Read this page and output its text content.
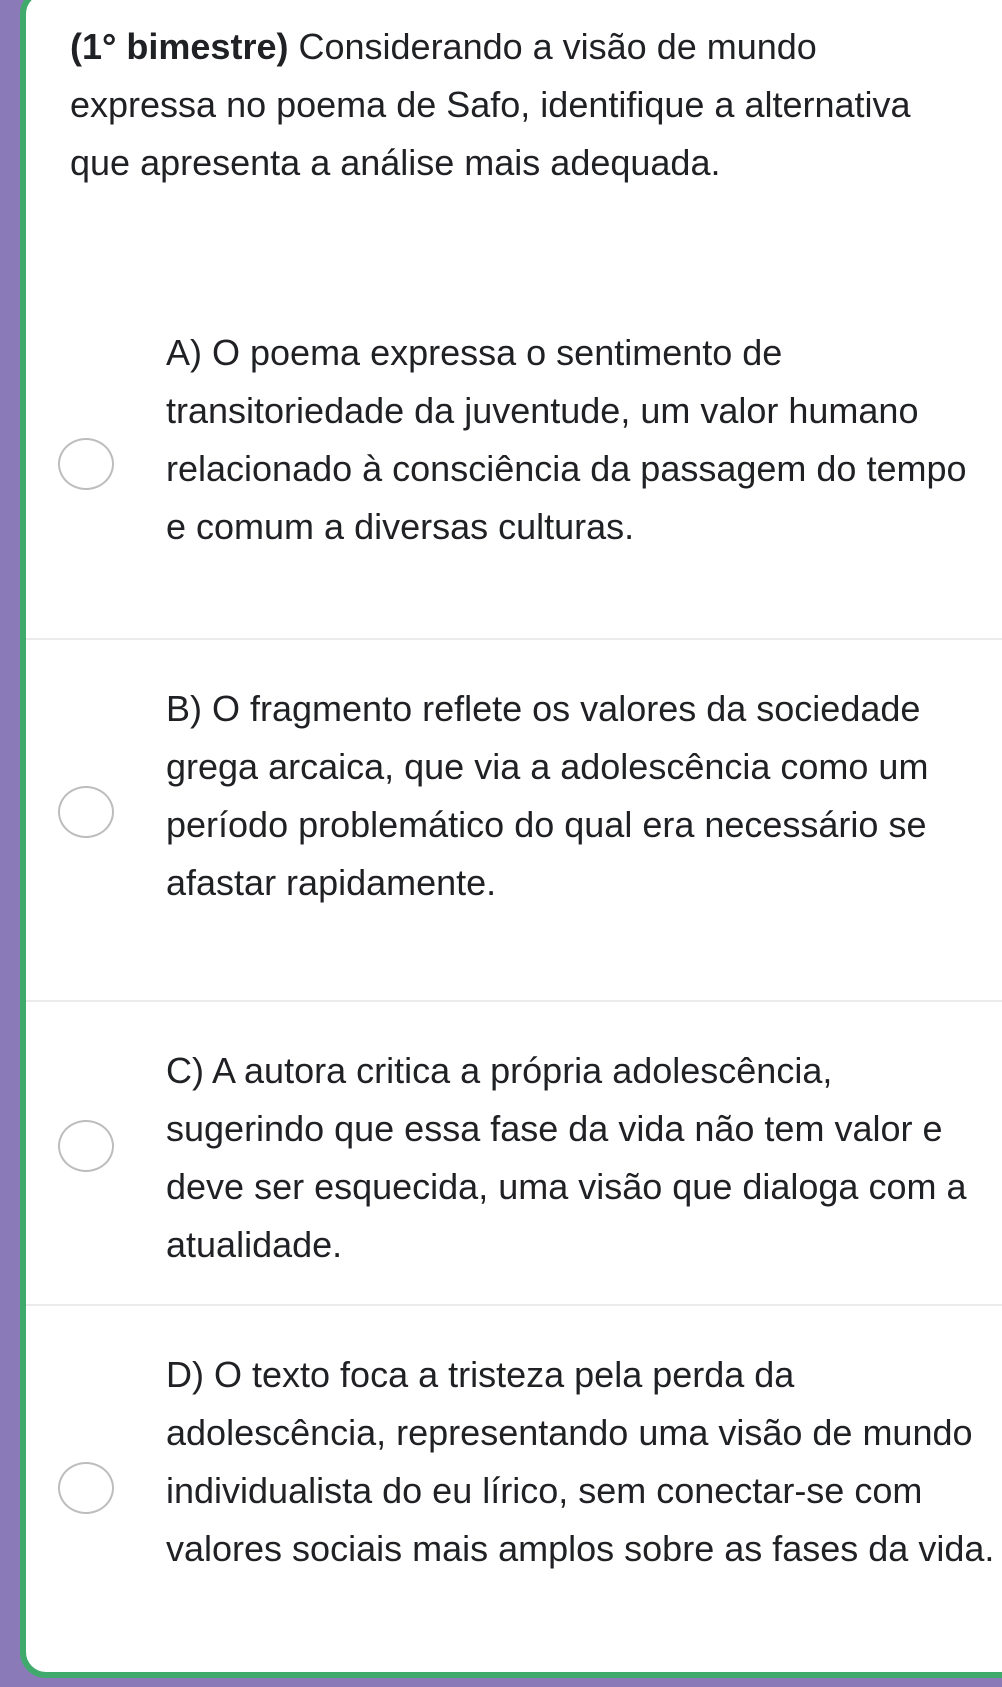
(1° bimestre) Considerando a visão de mundo expressa no poema de Safo, identifique a alternativa que apresenta a análise mais adequada.

A) O poema expressa o sentimento de transitoriedade da juventude, um valor humano relacionado à consciência da passagem do tempo e comum a diversas culturas.

B) O fragmento reflete os valores da sociedade grega arcaica, que via a adolescência como um período problemático do qual era necessário se afastar rapidamente.

C) A autora critica a própria adolescência, sugerindo que essa fase da vida não tem valor e deve ser esquecida, uma visão que dialoga com a atualidade.

D) O texto foca a tristeza pela perda da adolescência, representando uma visão de mundo individualista do eu lírico, sem conectar-se com valores sociais mais amplos sobre as fases da vida.
